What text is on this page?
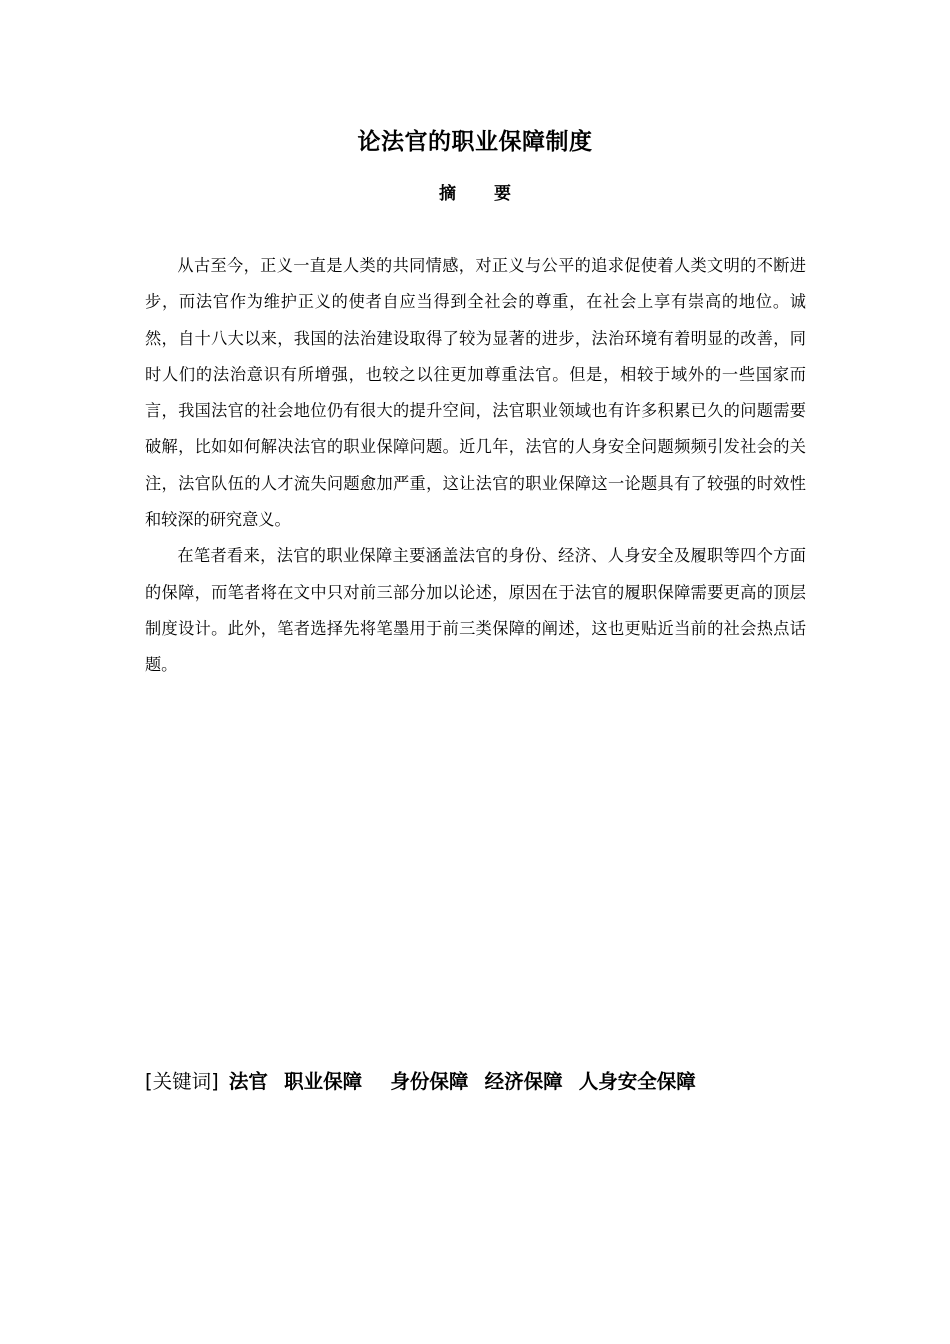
论法官的职业保障制度
摘 要

从古至今，正义一直是人类的共同情感，对正义与公平的追求促使着人类文明的不断进步，而法官作为维护正义的使者自应当得到全社会的尊重，在社会上享有崇高的地位。诚然，自十八大以来，我国的法治建设取得了较为显著的进步，法治环境有着明显的改善，同时人们的法治意识有所增强，也较之以往更加尊重法官。但是，相较于域外的一些国家而言，我国法官的社会地位仍有很大的提升空间，法官职业领域也有许多积累已久的问题需要破解，比如如何解决法官的职业保障问题。近几年，法官的人身安全问题频频引发社会的关注，法官队伍的人才流失问题愈加严重，这让法官的职业保障这一论题具有了较强的时效性和较深的研究意义。

在笔者看来，法官的职业保障主要涵盖法官的身份、经济、人身安全及履职等四个方面的保障，而笔者将在文中只对前三部分加以论述，原因在于法官的履职保障需要更高的顶层制度设计。此外，笔者选择先将笔墨用于前三类保障的阐述，这也更贴近当前的社会热点话题。

[关键词] 法官 职业保障 身份保障 经济保障 人身安全保障
